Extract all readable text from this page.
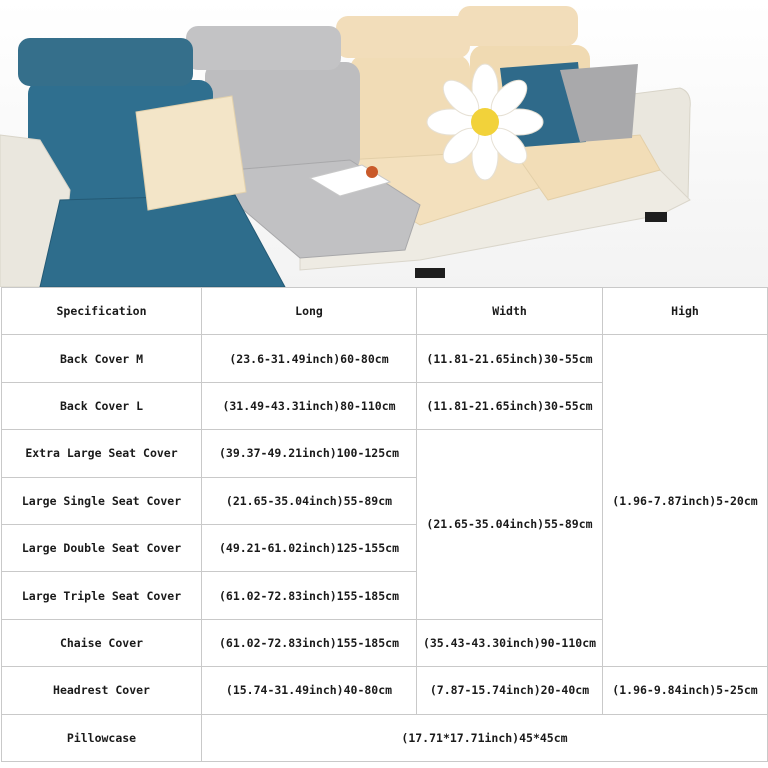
Specification	Long	Width	High
Back Cover M	(23.6-31.49inch)60-80cm	(11.81-21.65inch)30-55cm	(1.96-7.87inch)5-20cm
Back Cover L	(31.49-43.31inch)80-110cm	(11.81-21.65inch)30-55cm	
Extra Large Seat Cover	(39.37-49.21inch)100-125cm	(21.65-35.04inch)55-89cm	
Large Single Seat Cover	(21.65-35.04inch)55-89cm		
Large Double Seat Cover	(49.21-61.02inch)125-155cm		
Large Triple Seat Cover	(61.02-72.83inch)155-185cm		
Chaise Cover	(61.02-72.83inch)155-185cm	(35.43-43.30inch)90-110cm	
Headrest Cover	(15.74-31.49inch)40-80cm	(7.87-15.74inch)20-40cm	(1.96-9.84inch)5-25cm
Pillowcase	(17.71*17.71inch)45*45cm		
